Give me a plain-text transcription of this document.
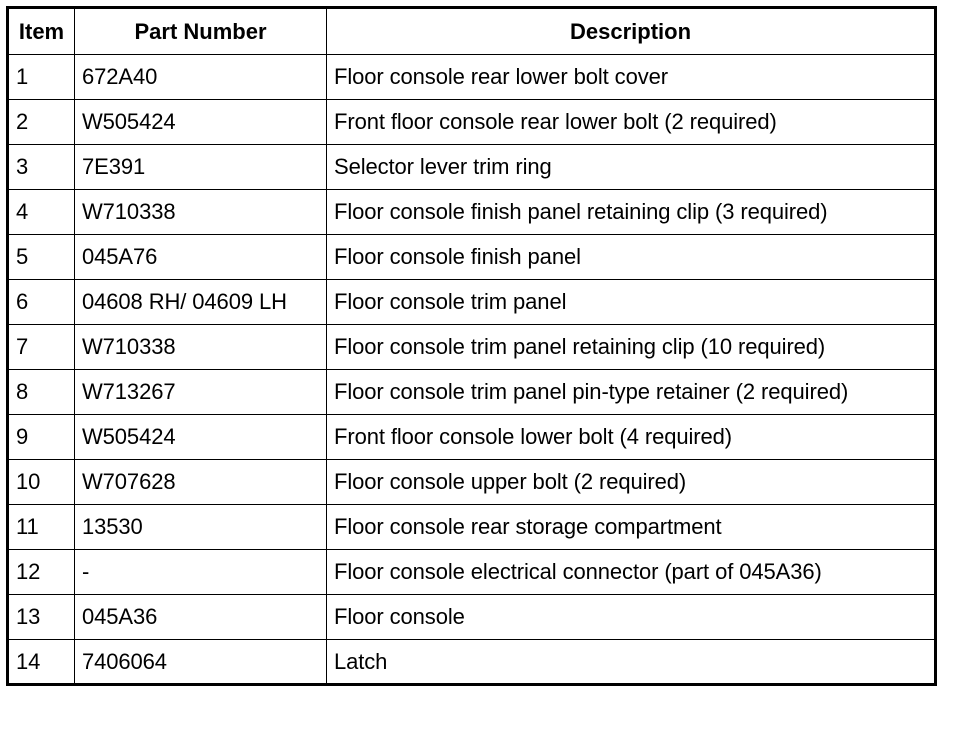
Item	Part Number	Description
1	672A40	Floor console rear lower bolt cover
2	W505424	Front floor console rear lower bolt (2 required)
3	7E391	Selector lever trim ring
4	W710338	Floor console finish panel retaining clip (3 required)
5	045A76	Floor console finish panel
6	04608 RH/ 04609 LH	Floor console trim panel
7	W710338	Floor console trim panel retaining clip (10 required)
8	W713267	Floor console trim panel pin-type retainer (2 required)
9	W505424	Front floor console lower bolt (4 required)
10	W707628	Floor console upper bolt (2 required)
11	13530	Floor console rear storage compartment
12	-	Floor console electrical connector (part of 045A36)
13	045A36	Floor console
14	7406064	Latch
